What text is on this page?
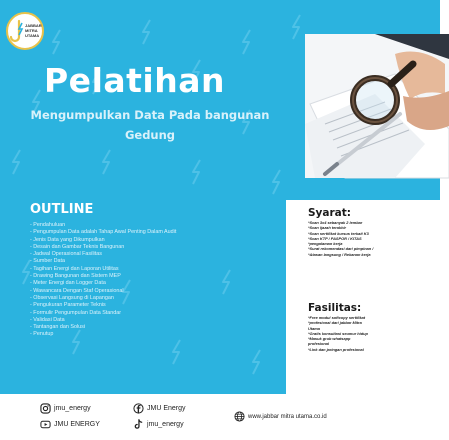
JABBAR
MITRA
UTAMA
Pelatihan
Mengumpulkan Data Pada bangunan
Gedung
OUTLINE
- Pendahuluan
- Pengumpulan Data adalah Tahap Awal Penting Dalam Audit
- Jenis Data yang Dikumpulkan
- Desain dan Gambar Teknis Bangunan
- Jadwal Operasional Fasilitas
- Sumber Data
- Tagihan Energi dan Laporan Utilitas
- Drawing Bangunan dan Sistem MEP
- Meter Energi dan Logger Data
- Wawancara Dengan Staf Operasional
- Observasi Langsung di Lapangan
- Pengukuran Parameter Teknis
- Formulir Pengumpulan Data Standar
- Validasi Data
- Tantangan dan Solusi
- Penutup
Syarat:
*Scan 3x4 sebanyak 2 lembar
*Scan ijazah terakhir
*Scan sertifikat kursus terkait K3
*Scan KTP / PASPOR / KITAS
*pengalaman kerja
*Surat rekomendasi dari pimpinan /
*Atasan langsung / Rekanan kerja
Fasilitas:
*Free modul softcopy sertifikat
*profesional dari jabbar Mitra
Utama
*Gratis konsultasi seumur hidup
*Masuk grub whatsapp
profesional
*Link dan jaringan profesional
jmu_energy	JMU Energy
JMU ENERGY	jmu_energy
www.jabbar mitra utama.co.id
